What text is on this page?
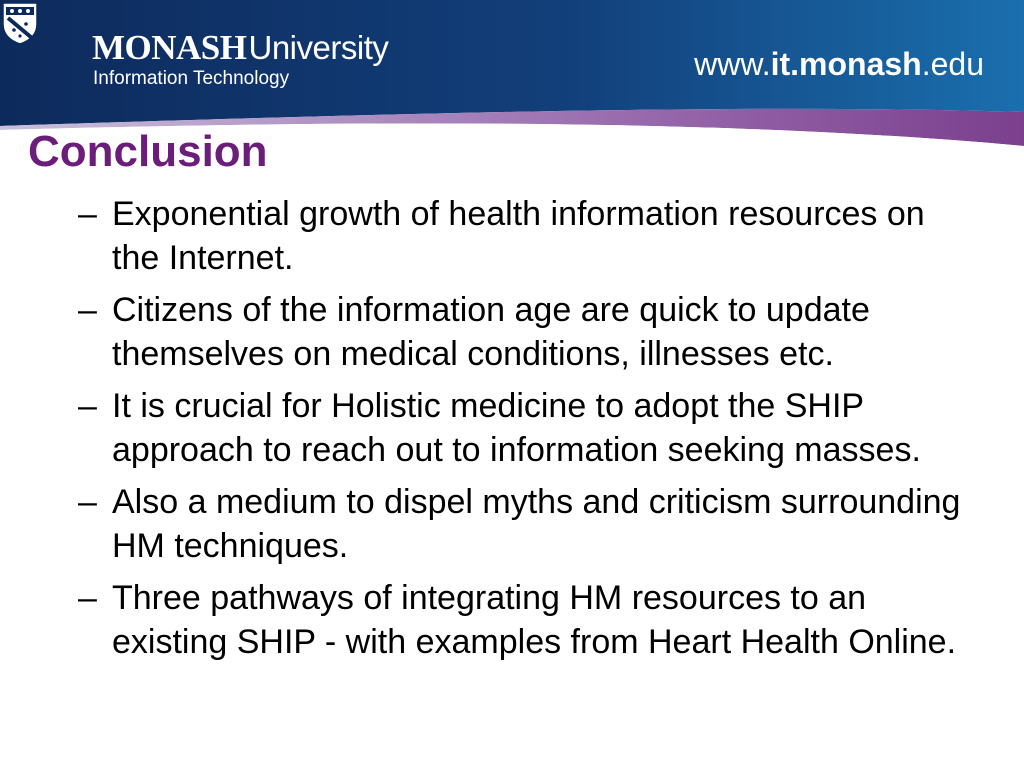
MONASHUniversity
Information Technology	www.it.monash.edu
Conclusion
– Exponential growth of health information resources on the Internet.
– Citizens of the information age are quick to update themselves on medical conditions, illnesses etc.
– It is crucial for Holistic medicine to adopt the SHIP approach to reach out to information seeking masses.
– Also a medium to dispel myths and criticism surrounding HM techniques.
– Three pathways of integrating HM resources to an existing SHIP - with examples from Heart Health Online.
